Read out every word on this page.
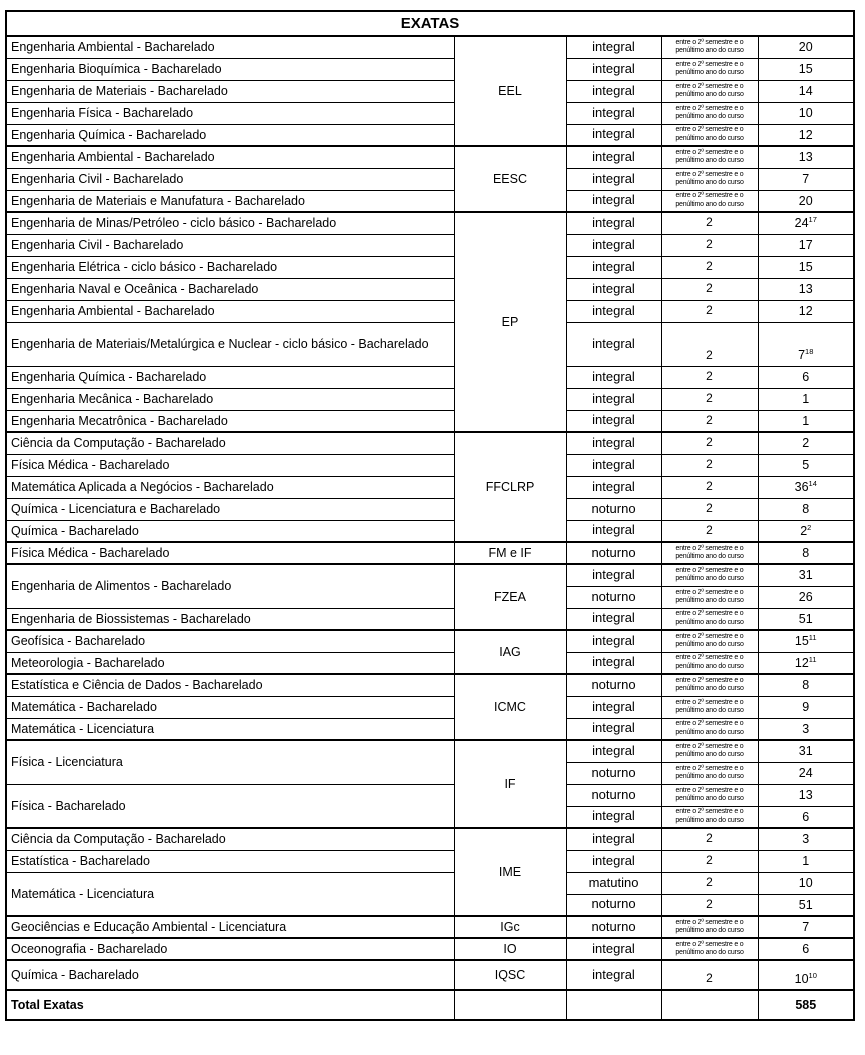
EXATAS				
Engenharia Ambiental - Bacharelado	EEL	integral	entre o 2º semestre e o
penúltimo ano do curso	20
Engenharia Bioquímica - Bacharelado		integral	entre o 2º semestre e o
penúltimo ano do curso	15
Engenharia de Materiais - Bacharelado		integral	entre o 2º semestre e o
penúltimo ano do curso	14
Engenharia Física - Bacharelado		integral	entre o 2º semestre e o
penúltimo ano do curso	10
Engenharia Química - Bacharelado		integral	entre o 2º semestre e o
penúltimo ano do curso	12
Engenharia Ambiental - Bacharelado	EESC	integral	entre o 2º semestre e o
penúltimo ano do curso	13
Engenharia Civil - Bacharelado		integral	entre o 2º semestre e o
penúltimo ano do curso	7
Engenharia de Materiais e Manufatura - Bacharelado		integral	entre o 2º semestre e o
penúltimo ano do curso	20
Engenharia de Minas/Petróleo - ciclo básico - Bacharelado	EP	integral	2	$24^{17}$
Engenharia Civil - Bacharelado		integral	2	17
Engenharia Elétrica - ciclo básico - Bacharelado		integral	2	15
Engenharia Naval e Oceânica - Bacharelado		integral	2	13
Engenharia Ambiental - Bacharelado		integral	2	12
Engenharia de Materiais/Metalúrgica e Nuclear - ciclo básico - Bacharelado		integral	2	$7^{18}$
Engenharia Química - Bacharelado		integral	2	6
Engenharia Mecânica - Bacharelado		integral	2	1
Engenharia Mecatrônica - Bacharelado		integral	2	1
Ciência da Computação - Bacharelado	FFCLRP	integral	2	2
Física Médica - Bacharelado		integral	2	5
Matemática Aplicada a Negócios - Bacharelado		integral	2	$36^{14}$
Química - Licenciatura e Bacharelado		noturno	2	8
Química - Bacharelado		integral	2	$2^2$
Física Médica - Bacharelado	FM e IF	noturno	entre o 2º semestre e o
penúltimo ano do curso	8
Engenharia de Alimentos - Bacharelado	FZEA	integral	entre o 2º semestre e o
penúltimo ano do curso	31
		noturno	entre o 2º semestre e o
penúltimo ano do curso	26
Engenharia de Biossistemas - Bacharelado		integral	entre o 2º semestre e o
penúltimo ano do curso	51
Geofísica - Bacharelado	IAG	integral	entre o 2º semestre e o
penúltimo ano do curso	$15^{11}$
Meteorologia - Bacharelado		integral	entre o 2º semestre e o
penúltimo ano do curso	$12^{11}$
Estatística e Ciência de Dados - Bacharelado	ICMC	noturno	entre o 2º semestre e o
penúltimo ano do curso	8
Matemática - Bacharelado		integral	entre o 2º semestre e o
penúltimo ano do curso	9
Matemática - Licenciatura		integral	entre o 2º semestre e o
penúltimo ano do curso	3
Física - Licenciatura	IF	integral	entre o 2º semestre e o
penúltimo ano do curso	31
		noturno	entre o 2º semestre e o
penúltimo ano do curso	24
Física - Bacharelado		noturno	entre o 2º semestre e o
penúltimo ano do curso	13
		integral	entre o 2º semestre e o
penúltimo ano do curso	6
Ciência da Computação - Bacharelado	IME	integral	2	3
Estatística - Bacharelado		integral	2	1
Matemática - Licenciatura		matutino	2	10
		noturno	2	51
Geociências e Educação Ambiental - Licenciatura	IGc	noturno	entre o 2º semestre e o
penúltimo ano do curso	7
Oceonografia - Bacharelado	IO	integral	entre o 2º semestre e o
penúltimo ano do curso	6
Química - Bacharelado	IQSC	integral	2	$10^{10}$
Total Exatas				585
